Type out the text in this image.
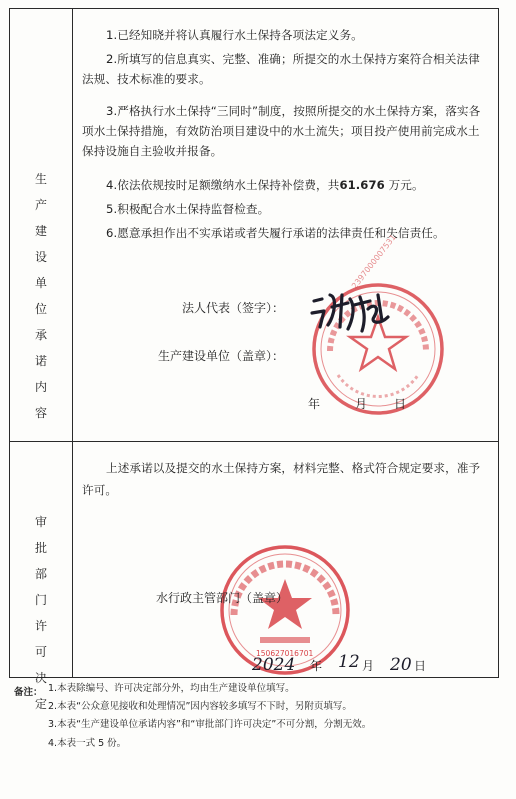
生
产
建
设
单
位
承
诺
内
容
审
批
部
门
许
可
决
定

1.已经知晓并将认真履行水土保持各项法定义务。

2.所填写的信息真实、完整、准确；所提交的水土保持方案符合相关法律法规、技术标准的要求。

3.严格执行水土保持“三同时”制度，按照所提交的水土保持方案，落实各项水土保持措施，有效防治项目建设中的水土流失；项目投产使用前完成水土保持设施自主验收并报备。

4.依法依规按时足额缴纳水土保持补偿费，共61.676 万元。

5.积极配合水土保持监督检查。

6.愿意承担作出不实承诺或者失履行承诺的法律责任和失信责任。

法人代表（签字）：
生产建设单位（盖章）：
2397000007531
年	月 日

上述承诺以及提交的水土保持方案，材料完整、格式符合规定要求，准予许可。

150627016701
水行政主管部门（盖章）
2024 年 12 月 20 日
备注： 1.本表除编号、许可决定部分外，均由生产建设单位填写。
2.本表“公众意见接收和处理情况”因内容较多填写不下时，另附页填写。
3.本表“生产建设单位承诺内容”和“审批部门许可决定”不可分割，分割无效。
4.本表一式 5 份。
